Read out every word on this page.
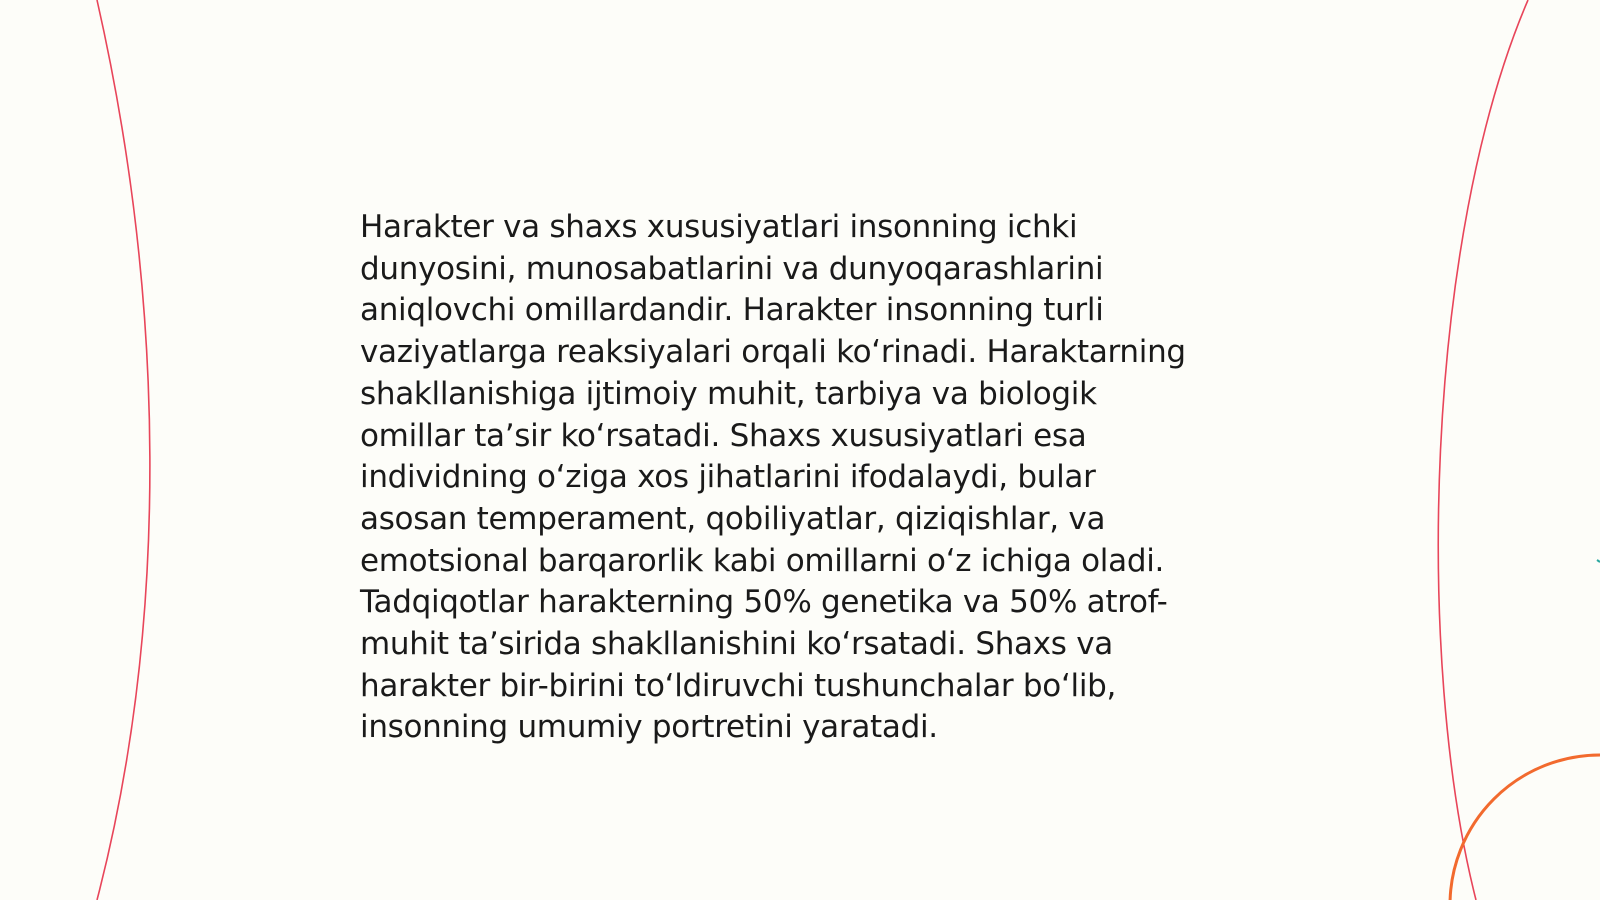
Harakter va shaxs xususiyatlari insonning ichki
dunyosini, munosabatlarini va dunyoqarashlarini
aniqlovchi omillardandir. Harakter insonning turli
vaziyatlarga reaksiyalari orqali koʻrinadi. Haraktarning
shakllanishiga ijtimoiy muhit, tarbiya va biologik
omillar taʼsir koʻrsatadi. Shaxs xususiyatlari esa
individning oʻziga xos jihatlarini ifodalaydi, bular
asosan temperament, qobiliyatlar, qiziqishlar, va
emotsional barqarorlik kabi omillarni oʻz ichiga oladi.
Tadqiqotlar harakterning 50% genetika va 50% atrof-
muhit taʼsirida shakllanishini koʻrsatadi. Shaxs va
harakter bir-birini toʻldiruvchi tushunchalar boʻlib,
insonning umumiy portretini yaratadi.
